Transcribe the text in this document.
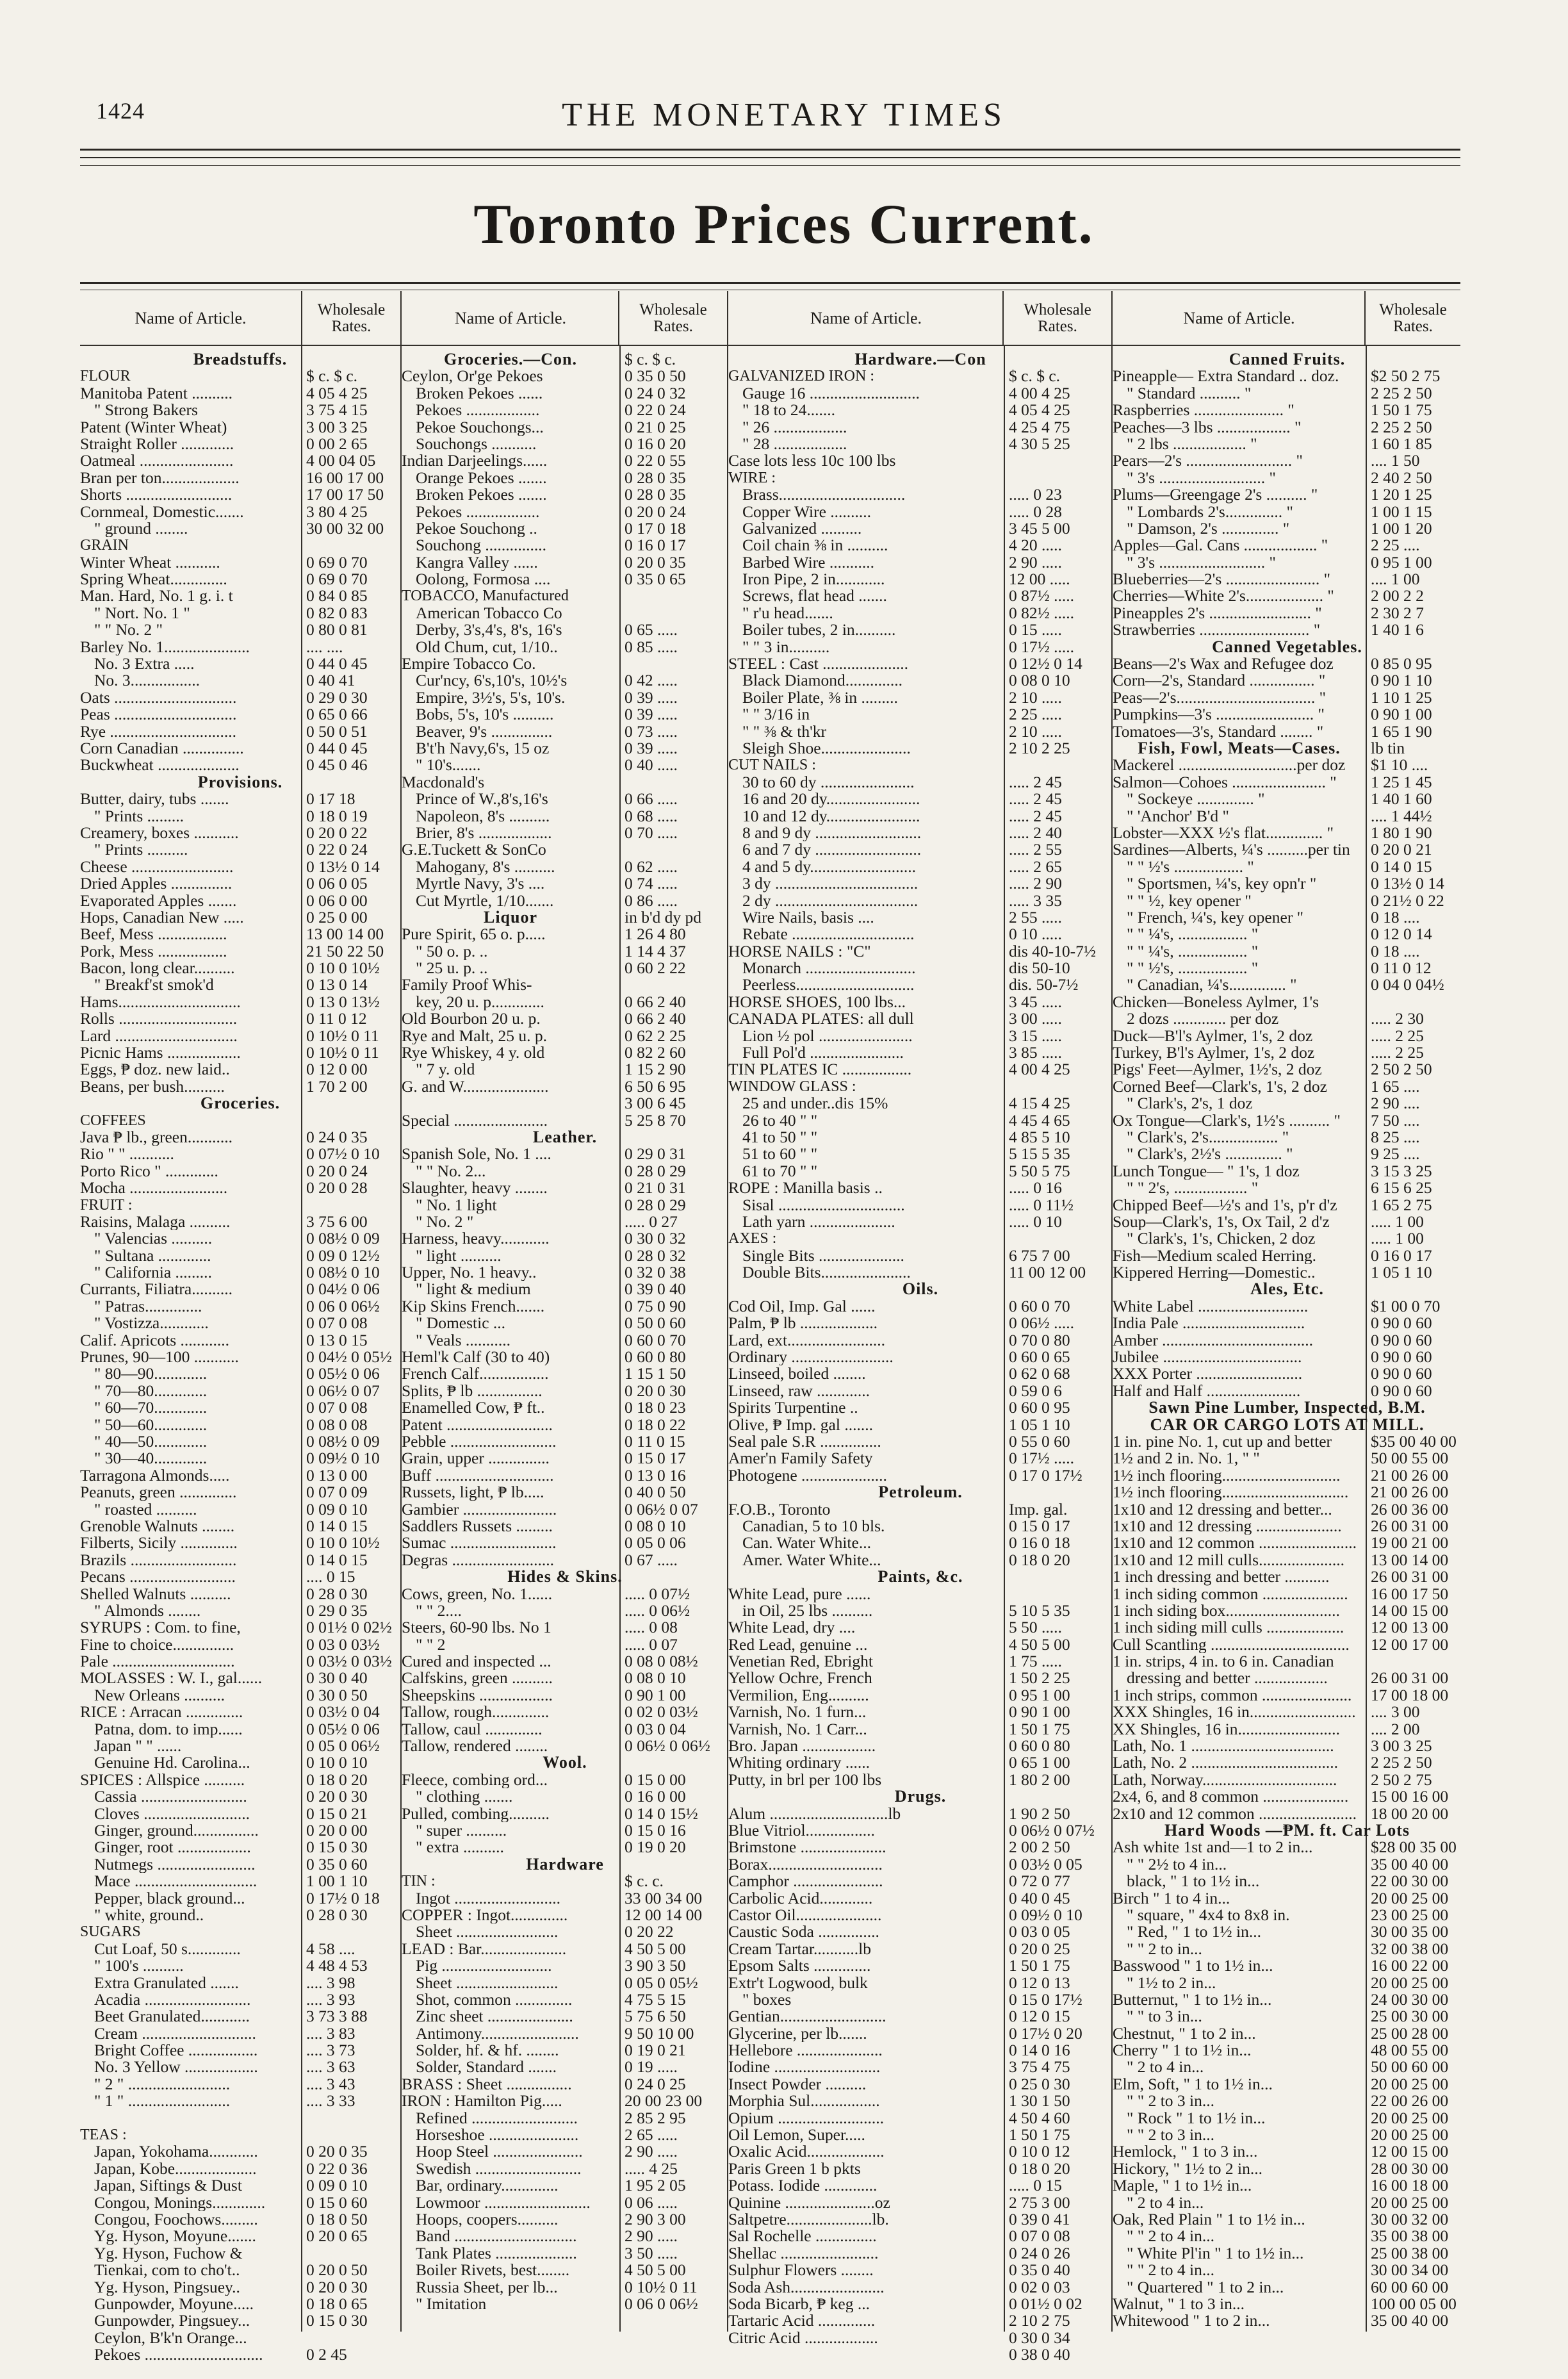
1424	THE MONETARY TIMES
Toronto Prices Current.
Name of Article.	Wholesale Rates.
Breadstuffs.
FLOUR	$ c. $ c.
Manitoba Patent ..........	4 05 4 25
" Strong Bakers	3 75 4 15
Patent (Winter Wheat)	3 00 3 25
Straight Roller .............	0 00 2 65
Oatmeal .......................	4 00 04 05
Bran per ton...................	16 00 17 00
Shorts ..........................	17 00 17 50
Cornmeal, Domestic.......	3 80 4 25
" ground ........	30 00 32 00
GRAIN
Winter Wheat ...........	0 69 0 70
Spring Wheat..............	0 69 0 70
Man. Hard, No. 1 g. i. t	0 84 0 85
" Nort. No. 1 "	0 82 0 83
" " No. 2 "	0 80 0 81
Barley No. 1.....................	.... ....
No. 3 Extra .....	0 44 0 45
No. 3.................	0 40 41
Oats ..............................	0 29 0 30
Peas ..............................	0 65 0 66
Rye ...............................	0 50 0 51
Corn Canadian ...............	0 44 0 45
Buckwheat ....................	0 45 0 46
Provisions.
Butter, dairy, tubs .......	0 17 18
" Prints .........	0 18 0 19
Creamery, boxes ...........	0 20 0 22
" Prints ..........	0 22 0 24
Cheese .........................	0 13½ 0 14
Dried Apples ...............	0 06 0 05
Evaporated Apples .......	0 06 0 00
Hops, Canadian New .....	0 25 0 00
Beef, Mess .................	13 00 14 00
Pork, Mess .................	21 50 22 50
Bacon, long clear..........	0 10 0 10½
" Breakf'st smok'd	0 13 0 14
Hams..............................	0 13 0 13½
Rolls .............................	0 11 0 12
Lard ..............................	0 10½ 0 11
Picnic Hams ..................	0 10½ 0 11
Eggs, ₱ doz. new laid..	0 12 0 00
Beans, per bush..........	1 70 2 00
Groceries.
COFFEES
Java ₱ lb., green...........	0 24 0 35
Rio " " ...........	0 07½ 0 10
Porto Rico " .............	0 20 0 24
Mocha ........................	0 20 0 28
FRUIT :
Raisins, Malaga ..........	3 75 6 00
" Valencias ..........	0 08½ 0 09
" Sultana .............	0 09 0 12½
" California .........	0 08½ 0 10
Currants, Filiatra..........	0 04½ 0 06
" Patras..............	0 06 0 06½
" Vostizza............	0 07 0 08
Calif. Apricots ............	0 13 0 15
Prunes, 90—100 ...........	0 04½ 0 05½
" 80—90.............	0 05½ 0 06
" 70—80.............	0 06½ 0 07
" 60—70.............	0 07 0 08
" 50—60.............	0 08 0 08
" 40—50.............	0 08½ 0 09
" 30—40.............	0 09½ 0 10
Tarragona Almonds.....	0 13 0 00
Peanuts, green ..............	0 07 0 09
" roasted ..........	0 09 0 10
Grenoble Walnuts ........	0 14 0 15
Filberts, Sicily ..............	0 10 0 10½
Brazils ..........................	0 14 0 15
Pecans ..........................	.... 0 15
Shelled Walnuts ..........	0 28 0 30
" Almonds ........	0 29 0 35
SYRUPS : Com. to fine,	0 01½ 0 02½
Fine to choice...............	0 03 0 03½
Pale ..............................	0 03½ 0 03½
MOLASSES : W. I., gal......	0 30 0 40
New Orleans ..........	0 30 0 50
RICE : Arracan ..............	0 03½ 0 04
Patna, dom. to imp......	0 05½ 0 06
Japan " " ......	0 05 0 06½
Genuine Hd. Carolina...	0 10 0 10
SPICES : Allspice ..........	0 18 0 20
Cassia ..........................	0 20 0 30
Cloves ..........................	0 15 0 21
Ginger, ground................	0 20 0 00
Ginger, root ..................	0 15 0 30
Nutmegs ........................	0 35 0 60
Mace ..............................	1 00 1 10
Pepper, black ground...	0 17½ 0 18
" white, ground..	0 28 0 30
SUGARS
Cut Loaf, 50 s.............	4 58 ....
" 100's ..........	4 48 4 53
Extra Granulated .......	.... 3 98
Acadia ..........................	.... 3 93
Beet Granulated............	3 73 3 88
Cream ............................	.... 3 83
Bright Coffee .................	.... 3 73
No. 3 Yellow ..................	.... 3 63
" 2 " .........................	.... 3 43
" 1 " .........................	.... 3 33
TEAS :
Japan, Yokohama............	0 20 0 35
Japan, Kobe....................	0 22 0 36
Japan, Siftings & Dust	0 09 0 10
Congou, Monings.............	0 15 0 60
Congou, Foochows.........	0 18 0 50
Yg. Hyson, Moyune.......	0 20 0 65
Yg. Hyson, Fuchow &
Tienkai, com to cho't..	0 20 0 50
Yg. Hyson, Pingsuey..	0 20 0 30
Gunpowder, Moyune.....	0 18 0 65
Gunpowder, Pingsuey...	0 15 0 30
Ceylon, B'k'n Orange...
Pekoes .............................	0 2 45
Name of Article.	Wholesale Rates.
Groceries.—Con.	$ c. $ c.
Ceylon, Or'ge Pekoes	0 35 0 50
Broken Pekoes ......	0 24 0 32
Pekoes ..................	0 22 0 24
Pekoe Souchongs...	0 21 0 25
Souchongs ...........	0 16 0 20
Indian Darjeelings......	0 22 0 55
Orange Pekoes .......	0 28 0 35
Broken Pekoes .......	0 28 0 35
Pekoes ..................	0 20 0 24
Pekoe Souchong ..	0 17 0 18
Souchong ...............	0 16 0 17
Kangra Valley ......	0 20 0 35
Oolong, Formosa ....	0 35 0 65
TOBACCO, Manufactured
American Tobacco Co
Derby, 3's,4's, 8's, 16's	0 65 .....
Old Chum, cut, 1/10..	0 85 .....
Empire Tobacco Co.
Cur'ncy, 6's,10's, 10½'s	0 42 .....
Empire, 3½'s, 5's, 10's.	0 39 .....
Bobs, 5's, 10's ..........	0 39 .....
Beaver, 9's ...............	0 73 .....
B't'h Navy,6's, 15 oz	0 39 .....
" 10's.......	0 40 .....
Macdonald's
Prince of W.,8's,16's	0 66 .....
Napoleon, 8's ..........	0 68 .....
Brier, 8's ..................	0 70 .....
G.E.Tuckett & SonCo
Mahogany, 8's ..........	0 62 .....
Myrtle Navy, 3's ....	0 74 .....
Cut Myrtle, 1/10.......	0 86 .....
Liquor	in b'd dy pd
Pure Spirit, 65 o. p.....	1 26 4 80
" 50 o. p. ..	1 14 4 37
" 25 u. p. ..	0 60 2 22
Family Proof Whis-
key, 20 u. p.............	0 66 2 40
Old Bourbon 20 u. p.	0 66 2 40
Rye and Malt, 25 u. p.	0 62 2 25
Rye Whiskey, 4 y. old	0 82 2 60
" 7 y. old	1 15 2 90
G. and W.....................	6 50 6 95
3 00 6 45
Special .......................	5 25 8 70
Leather.
Spanish Sole, No. 1 ....	0 29 0 31
" " No. 2...	0 28 0 29
Slaughter, heavy ........	0 21 0 31
" No. 1 light	0 28 0 29
" No. 2 "	..... 0 27
Harness, heavy............	0 30 0 32
" light ..........	0 28 0 32
Upper, No. 1 heavy..	0 32 0 38
" light & medium	0 39 0 40
Kip Skins French.......	0 75 0 90
" Domestic ...	0 50 0 60
" Veals ...........	0 60 0 70
Heml'k Calf (30 to 40)	0 60 0 80
French Calf.................	1 15 1 50
Splits, ₱ lb ................	0 20 0 30
Enamelled Cow, ₱ ft..	0 18 0 23
Patent ..........................	0 18 0 22
Pebble ..........................	0 11 0 15
Grain, upper ...............	0 15 0 17
Buff .............................	0 13 0 16
Russets, light, ₱ lb.....	0 40 0 50
Gambier .......................	0 06½ 0 07
Saddlers Russets .........	0 08 0 10
Sumac ..........................	0 05 0 06
Degras .........................	0 67 .....
Hides & Skins.
Cows, green, No. 1......	..... 0 07½
" " 2....	..... 0 06½
Steers, 60-90 lbs. No 1	..... 0 08
" " 2	..... 0 07
Cured and inspected ...	0 08 0 08½
Calfskins, green ..........	0 08 0 10
Sheepskins ..................	0 90 1 00
Tallow, rough..............	0 02 0 03½
Tallow, caul ..............	0 03 0 04
Tallow, rendered ........	0 06½ 0 06½
Wool.
Fleece, combing ord...	0 15 0 00
" clothing .......	0 16 0 00
Pulled, combing..........	0 14 0 15½
" super ..........	0 15 0 16
" extra ..........	0 19 0 20
Hardware
TIN :	$ c. c.
Ingot ..........................	33 00 34 00
COPPER : Ingot..............	12 00 14 00
Sheet .........................	0 20 22
LEAD : Bar.....................	4 50 5 00
Pig ...........................	3 90 3 50
Sheet .........................	0 05 0 05½
Shot, common ..............	4 75 5 15
Zinc sheet .....................	5 75 6 50
Antimony........................	9 50 10 00
Solder, hf. & hf. ........	0 19 0 21
Solder, Standard .......	0 19 .....
BRASS : Sheet ................	0 24 0 25
IRON : Hamilton Pig.....	20 00 23 00
Refined ..........................	2 85 2 95
Horseshoe ......................	2 65 .....
Hoop Steel ......................	2 90 .....
Swedish ..........................	..... 4 25
Bar, ordinary..............	1 95 2 05
Lowmoor ..........................	0 06 .....
Hoops, coopers..........	2 90 3 00
Band ..............................	2 90 .....
Tank Plates ....................	3 50 .....
Boiler Rivets, best........	4 50 5 00
Russia Sheet, per lb...	0 10½ 0 11
" Imitation	0 06 0 06½
Name of Article.	Wholesale Rates.
Hardware.—Con
GALVANIZED IRON :	$ c. $ c.
Gauge 16 ...........................	4 00 4 25
" 18 to 24.......	4 05 4 25
" 26 ..................	4 25 4 75
" 28 ..................	4 30 5 25
Case lots less 10c 100 lbs
WIRE :
Brass...............................	..... 0 23
Copper Wire ..........	..... 0 28
Galvanized ..........	3 45 5 00
Coil chain ⅜ in ..........	4 20 .....
Barbed Wire ...........	2 90 .....
Iron Pipe, 2 in............	12 00 .....
Screws, flat head .......	0 87½ .....
" r'u head.......	0 82½ .....
Boiler tubes, 2 in..........	0 15 .....
" " 3 in..........	0 17½ .....
STEEL : Cast .....................	0 12½ 0 14
Black Diamond..............	0 08 0 10
Boiler Plate, ⅜ in .........	2 10 .....
" " 3/16 in	2 25 .....
" " ⅜ & th'kr	2 10 .....
Sleigh Shoe......................	2 10 2 25
CUT NAILS :
30 to 60 dy .......................	..... 2 45
16 and 20 dy.......................	..... 2 45
10 and 12 dy.......................	..... 2 45
8 and 9 dy ..........................	..... 2 40
6 and 7 dy ..........................	..... 2 55
4 and 5 dy..........................	..... 2 65
3 dy ...................................	..... 2 90
2 dy ...................................	..... 3 35
Wire Nails, basis ....	2 55 .....
Rebate ..............................	0 10 .....
HORSE NAILS : "C"	dis 40-10-7½
Monarch ...........................	dis 50-10
Peerless.............................	dis. 50-7½
HORSE SHOES, 100 lbs...	3 45 .....
CANADA PLATES: all dull	3 00 .....
Lion ½ pol .......................	3 15 .....
Full Pol'd .......................	3 85 .....
TIN PLATES IC .................	4 00 4 25
WINDOW GLASS :
25 and under..dis 15%	4 15 4 25
26 to 40 " "	4 45 4 65
41 to 50 " "	4 85 5 10
51 to 60 " "	5 15 5 35
61 to 70 " "	5 50 5 75
ROPE : Manilla basis ..	..... 0 16
Sisal ...............................	..... 0 11½
Lath yarn .....................	..... 0 10
AXES :
Single Bits .....................	6 75 7 00
Double Bits......................	11 00 12 00
Oils.
Cod Oil, Imp. Gal ......	0 60 0 70
Palm, ₱ lb ...................	0 06½ .....
Lard, ext........................	0 70 0 80
Ordinary .........................	0 60 0 65
Linseed, boiled ........	0 62 0 68
Linseed, raw .............	0 59 0 6
Spirits Turpentine ..	0 60 0 95
Olive, ₱ Imp. gal .......	1 05 1 10
Seal pale S.R ...............	0 55 0 60
Amer'n Family Safety	0 17½ .....
Photogene .....................	0 17 0 17½
Petroleum.
F.O.B., Toronto	Imp. gal.
Canadian, 5 to 10 bls.	0 15 0 17
Can. Water White...	0 16 0 18
Amer. Water White...	0 18 0 20
Paints, &c.
White Lead, pure ......
in Oil, 25 lbs ..........	5 10 5 35
White Lead, dry ....	5 50 .....
Red Lead, genuine ...	4 50 5 00
Venetian Red, Ebright	1 75 .....
Yellow Ochre, French	1 50 2 25
Vermilion, Eng..........	0 95 1 00
Varnish, No. 1 furn...	0 90 1 00
Varnish, No. 1 Carr...	1 50 1 75
Bro. Japan ..................	0 60 0 80
Whiting ordinary ......	0 65 1 00
Putty, in brl per 100 lbs	1 80 2 00
Drugs.
Alum .............................lb	1 90 2 50
Blue Vitriol.................	0 06½ 0 07½
Brimstone .....................	2 00 2 50
Borax............................	0 03½ 0 05
Camphor ......................	0 72 0 77
Carbolic Acid.............	0 40 0 45
Castor Oil.....................	0 09½ 0 10
Caustic Soda ...............	0 03 0 05
Cream Tartar...........lb	0 20 0 25
Epsom Salts ..............	1 50 1 75
Extr't Logwood, bulk	0 12 0 13
" boxes	0 15 0 17½
Gentian..........................	0 12 0 15
Glycerine, per lb.......	0 17½ 0 20
Hellebore .....................	0 14 0 16
Iodine ..........................	3 75 4 75
Insect Powder ..........	0 25 0 30
Morphia Sul.................	1 30 1 50
Opium ..........................	4 50 4 60
Oil Lemon, Super.....	1 50 1 75
Oxalic Acid...................	0 10 0 12
Paris Green 1 b pkts	0 18 0 20
Potass. Iodide .............	..... 0 15
Quinine ......................oz	2 75 3 00
Saltpetre.....................lb.	0 39 0 41
Sal Rochelle ...............	0 07 0 08
Shellac ........................	0 24 0 26
Sulphur Flowers ........	0 35 0 40
Soda Ash.......................	0 02 0 03
Soda Bicarb, ₱ keg ...	0 01½ 0 02
Tartaric Acid ..............	2 10 2 75
Citric Acid ..................	0 30 0 34
0 38 0 40
Name of Article.	Wholesale Rates.
Canned Fruits.
Pineapple— Extra Standard .. doz.	$2 50 2 75
" Standard .......... "	2 25 2 50
Raspberries ...................... "	1 50 1 75
Peaches—3 lbs .................. "	2 25 2 50
" 2 lbs .................. "	1 60 1 85
Pears—2's .......................... "	.... 1 50
" 3's .......................... "	2 40 2 50
Plums—Greengage 2's .......... "	1 20 1 25
" Lombards 2's.............. "	1 00 1 15
" Damson, 2's .............. "	1 00 1 20
Apples—Gal. Cans .................. "	2 25 ....
" 3's .......................... "	0 95 1 00
Blueberries—2's ....................... "	.... 1 00
Cherries—White 2's................... "	2 00 2 2
Pineapples 2's ......................... "	2 30 2 7
Strawberries ........................... "	1 40 1 6
Canned Vegetables.
Beans—2's Wax and Refugee doz	0 85 0 95
Corn—2's, Standard ................ "	0 90 1 10
Peas—2's.................................. "	1 10 1 25
Pumpkins—3's ........................ "	0 90 1 00
Tomatoes—3's, Standard ........ "	1 65 1 90
Fish, Fowl, Meats—Cases.	lb tin
Mackerel .............................per doz	$1 10 ....
Salmon—Cohoes ....................... "	1 25 1 45
" Sockeye .............. "	1 40 1 60
" 'Anchor' B'd "	.... 1 44½
Lobster—XXX ½'s flat.............. "	1 80 1 90
Sardines—Alberts, ¼'s ..........per tin	0 20 0 21
" " ½'s ................. "	0 14 0 15
" Sportsmen, ¼'s, key opn'r "	0 13½ 0 14
" " ½, key opener "	0 21½ 0 22
" French, ¼'s, key opener "	0 18 ....
" " ¼'s, ................. "	0 12 0 14
" " ¼'s, ................. "	0 18 ....
" " ½'s, ................. "	0 11 0 12
" Canadian, ¼'s.............. "	0 04 0 04½
Chicken—Boneless Aylmer, 1's
2 dozs ............. per doz	..... 2 30
Duck—B'l's Aylmer, 1's, 2 doz	..... 2 25
Turkey, B'l's Aylmer, 1's, 2 doz	..... 2 25
Pigs' Feet—Aylmer, 1½'s, 2 doz	2 50 2 50
Corned Beef—Clark's, 1's, 2 doz	1 65 ....
" Clark's, 2's, 1 doz	2 90 ....
Ox Tongue—Clark's, 1½'s .......... "	7 50 ....
" Clark's, 2's................. "	8 25 ....
" Clark's, 2½'s .............. "	9 25 ....
Lunch Tongue— " 1's, 1 doz	3 15 3 25
" " 2's, .................. "	6 15 6 25
Chipped Beef—½'s and 1's, p'r d'z	1 65 2 75
Soup—Clark's, 1's, Ox Tail, 2 d'z	..... 1 00
" Clark's, 1's, Chicken, 2 doz	..... 1 00
Fish—Medium scaled Herring.	0 16 0 17
Kippered Herring—Domestic..	1 05 1 10
Ales, Etc.
White Label ...........................	$1 00 0 70
India Pale ..............................	0 90 0 60
Amber .....................................	0 90 0 60
Jubilee ..................................	0 90 0 60
XXX Porter ..........................	0 90 0 60
Half and Half .......................	0 90 0 60
Sawn Pine Lumber, Inspected, B.M.
CAR OR CARGO LOTS AT MILL.
1 in. pine No. 1, cut up and better	$35 00 40 00
1½ and 2 in. No. 1, " "	50 00 55 00
1½ inch flooring.............................	21 00 26 00
1½ inch flooring...............................	21 00 26 00
1x10 and 12 dressing and better...	26 00 36 00
1x10 and 12 dressing .....................	26 00 31 00
1x10 and 12 common ........................ 19 00 21 00
1x10 and 12 mill culls.....................	13 00 14 00
1 inch dressing and better ...........	26 00 31 00
1 inch siding common .....................	16 00 17 50
1 inch siding box............................	14 00 15 00
1 inch siding mill culls ...................	12 00 13 00
Cull Scantling ..................................	12 00 17 00
1 in. strips, 4 in. to 6 in. Canadian
dressing and better ..................	26 00 31 00
1 inch strips, common ......................	17 00 18 00
XXX Shingles, 16 in.......................... .... 3 00
XX Shingles, 16 in.........................	.... 2 00
Lath, No. 1 ...................................	3 00 3 25
Lath, No. 2 ....................................	2 25 2 50
Lath, Norway.................................	2 50 2 75
2x4, 6, and 8 common .....................	15 00 16 00
2x10 and 12 common ........................ 18 00 20 00
Hard Woods —₱M. ft. Car Lots
Ash white 1st and—1 to 2 in...	$28 00 35 00
" " 2½ to 4 in...	35 00 40 00
black, " 1 to 1½ in...	22 00 30 00
Birch " 1 to 4 in...	20 00 25 00
" square, " 4x4 to 8x8 in.	23 00 25 00
" Red, " 1 to 1½ in...	30 00 35 00
" " 2 to in...	32 00 38 00
Basswood " 1 to 1½ in...	16 00 22 00
" 1½ to 2 in...	20 00 25 00
Butternut, " 1 to 1½ in...	24 00 30 00
" " to 3 in...	25 00 30 00
Chestnut, " 1 to 2 in...	25 00 28 00
Cherry " 1 to 1½ in...	48 00 55 00
" 2 to 4 in...	50 00 60 00
Elm, Soft, " 1 to 1½ in...	20 00 25 00
" " 2 to 3 in...	22 00 26 00
" Rock " 1 to 1½ in...	20 00 25 00
" " 2 to 3 in...	20 00 25 00
Hemlock, " 1 to 3 in...	12 00 15 00
Hickory, " 1½ to 2 in...	28 00 30 00
Maple, " 1 to 1½ in...	16 00 18 00
" 2 to 4 in...	20 00 25 00
Oak, Red Plain " 1 to 1½ in...	30 00 32 00
" " 2 to 4 in...	35 00 38 00
" White Pl'in " 1 to 1½ in...	25 00 38 00
" " 2 to 4 in...	30 00 34 00
" Quartered " 1 to 2 in...	60 00 60 00
Walnut, " 1 to 3 in...	100 00 05 00
Whitewood " 1 to 2 in...	35 00 40 00
